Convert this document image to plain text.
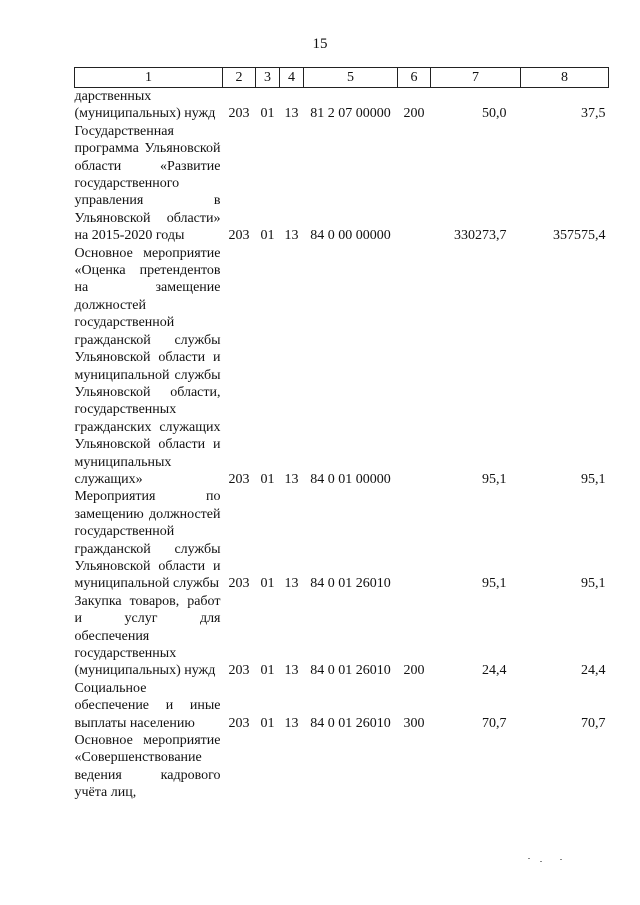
15
1	2	3	4	5	6	7	8
дарственных (муниципальных) нужд	203	01	13	81 2 07 00000	200	50,0	37,5
Государственная программа Ульяновской области «Развитие государственного управления в Ульяновской области» на 2015-2020 годы	203	01	13	84 0 00 00000		330273,7	357575,4
Основное мероприятие «Оценка претендентов на замещение должностей государственной гражданской службы Ульяновской области и муниципальной службы Ульяновской области, государственных гражданских служащих Ульяновской области и муниципальных служащих»	203	01	13	84 0 01 00000		95,1	95,1
Мероприятия по замещению должностей государственной гражданской службы Ульяновской области и муниципальной службы	203	01	13	84 0 01 26010		95,1	95,1
Закупка товаров, работ и услуг для обеспечения государственных (муниципальных) нужд	203	01	13	84 0 01 26010	200	24,4	24,4
Социальное обеспечение и иные выплаты населению	203	01	13	84 0 01 26010	300	70,7	70,7
Основное мероприятие «Совершенствование ведения кадрового учёта лиц,							
